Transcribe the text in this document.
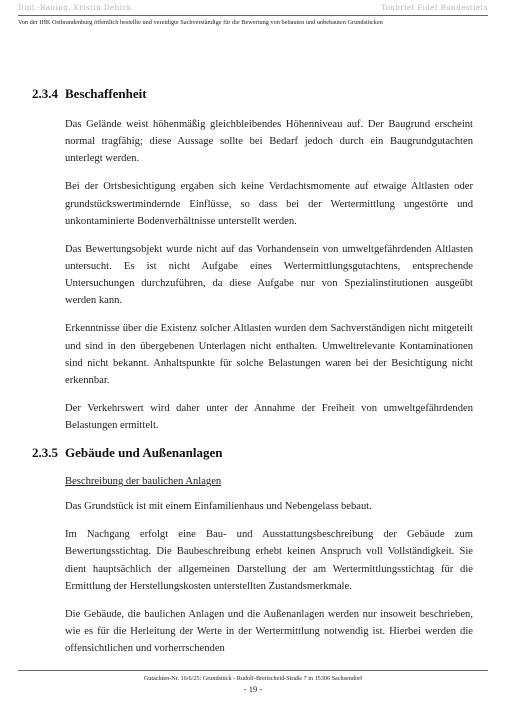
Dipl.-Bauing. Kristin Debick	Tonbrief Fidel Bundestiets
Von der IHK Ostbrandenburg öffentlich bestellte und vereidigte Sachverständige für die Bewertung von bebauten und unbebauten Grundstücken
2.3.4 Beschaffenheit

Das Gelände weist höhenmäßig gleichbleibendes Höhenniveau auf. Der Baugrund erscheint normal tragfähig; diese Aussage sollte bei Bedarf jedoch durch ein Baugrundgutachten unterlegt werden.

Bei der Ortsbesichtigung ergaben sich keine Verdachtsmomente auf etwaige Altlasten oder grundstückswertmindernde Einflüsse, so dass bei der Wertermittlung ungestörte und unkontaminierte Bodenverhältnisse unterstellt werden.

Das Bewertungsobjekt wurde nicht auf das Vorhandensein von umweltgefährdenden Altlasten untersucht. Es ist nicht Aufgabe eines Wertermittlungsgutachtens, entsprechende Untersuchungen durchzuführen, da diese Aufgabe nur von Spezialinstitutionen ausgeübt werden kann.

Erkenntnisse über die Existenz solcher Altlasten wurden dem Sachverständigen nicht mitgeteilt und sind in den übergebenen Unterlagen nicht enthalten. Umweltrelevante Kontaminationen sind nicht bekannt. Anhaltspunkte für solche Belastungen waren bei der Besichtigung nicht erkennbar.

Der Verkehrswert wird daher unter der Annahme der Freiheit von umweltgefährdenden Belastungen ermittelt.

2.3.5 Gebäude und Außenanlagen
Beschreibung der baulichen Anlagen

Das Grundstück ist mit einem Einfamilienhaus und Nebengelass bebaut.

Im Nachgang erfolgt eine Bau- und Ausstattungsbeschreibung der Gebäude zum Bewertungsstichtag. Die Baubeschreibung erhebt keinen Anspruch voll Vollständigkeit. Sie dient hauptsächlich der allgemeinen Darstellung der am Wertermittlungsstichtag für die Ermittlung der Herstellungskosten unterstellten Zustandsmerkmale.

Die Gebäude, die baulichen Anlagen und die Außenanlagen werden nur insoweit beschrieben, wie es für die Herleitung der Werte in der Wertermittlung notwendig ist. Hierbei werden die offensichtlichen und vorherrschenden

Gutachten-Nr. 16/6/25: Grundstück - Rudolf-Breitscheid-Straße 7 in 15306 Sachsendorf
- 19 -
